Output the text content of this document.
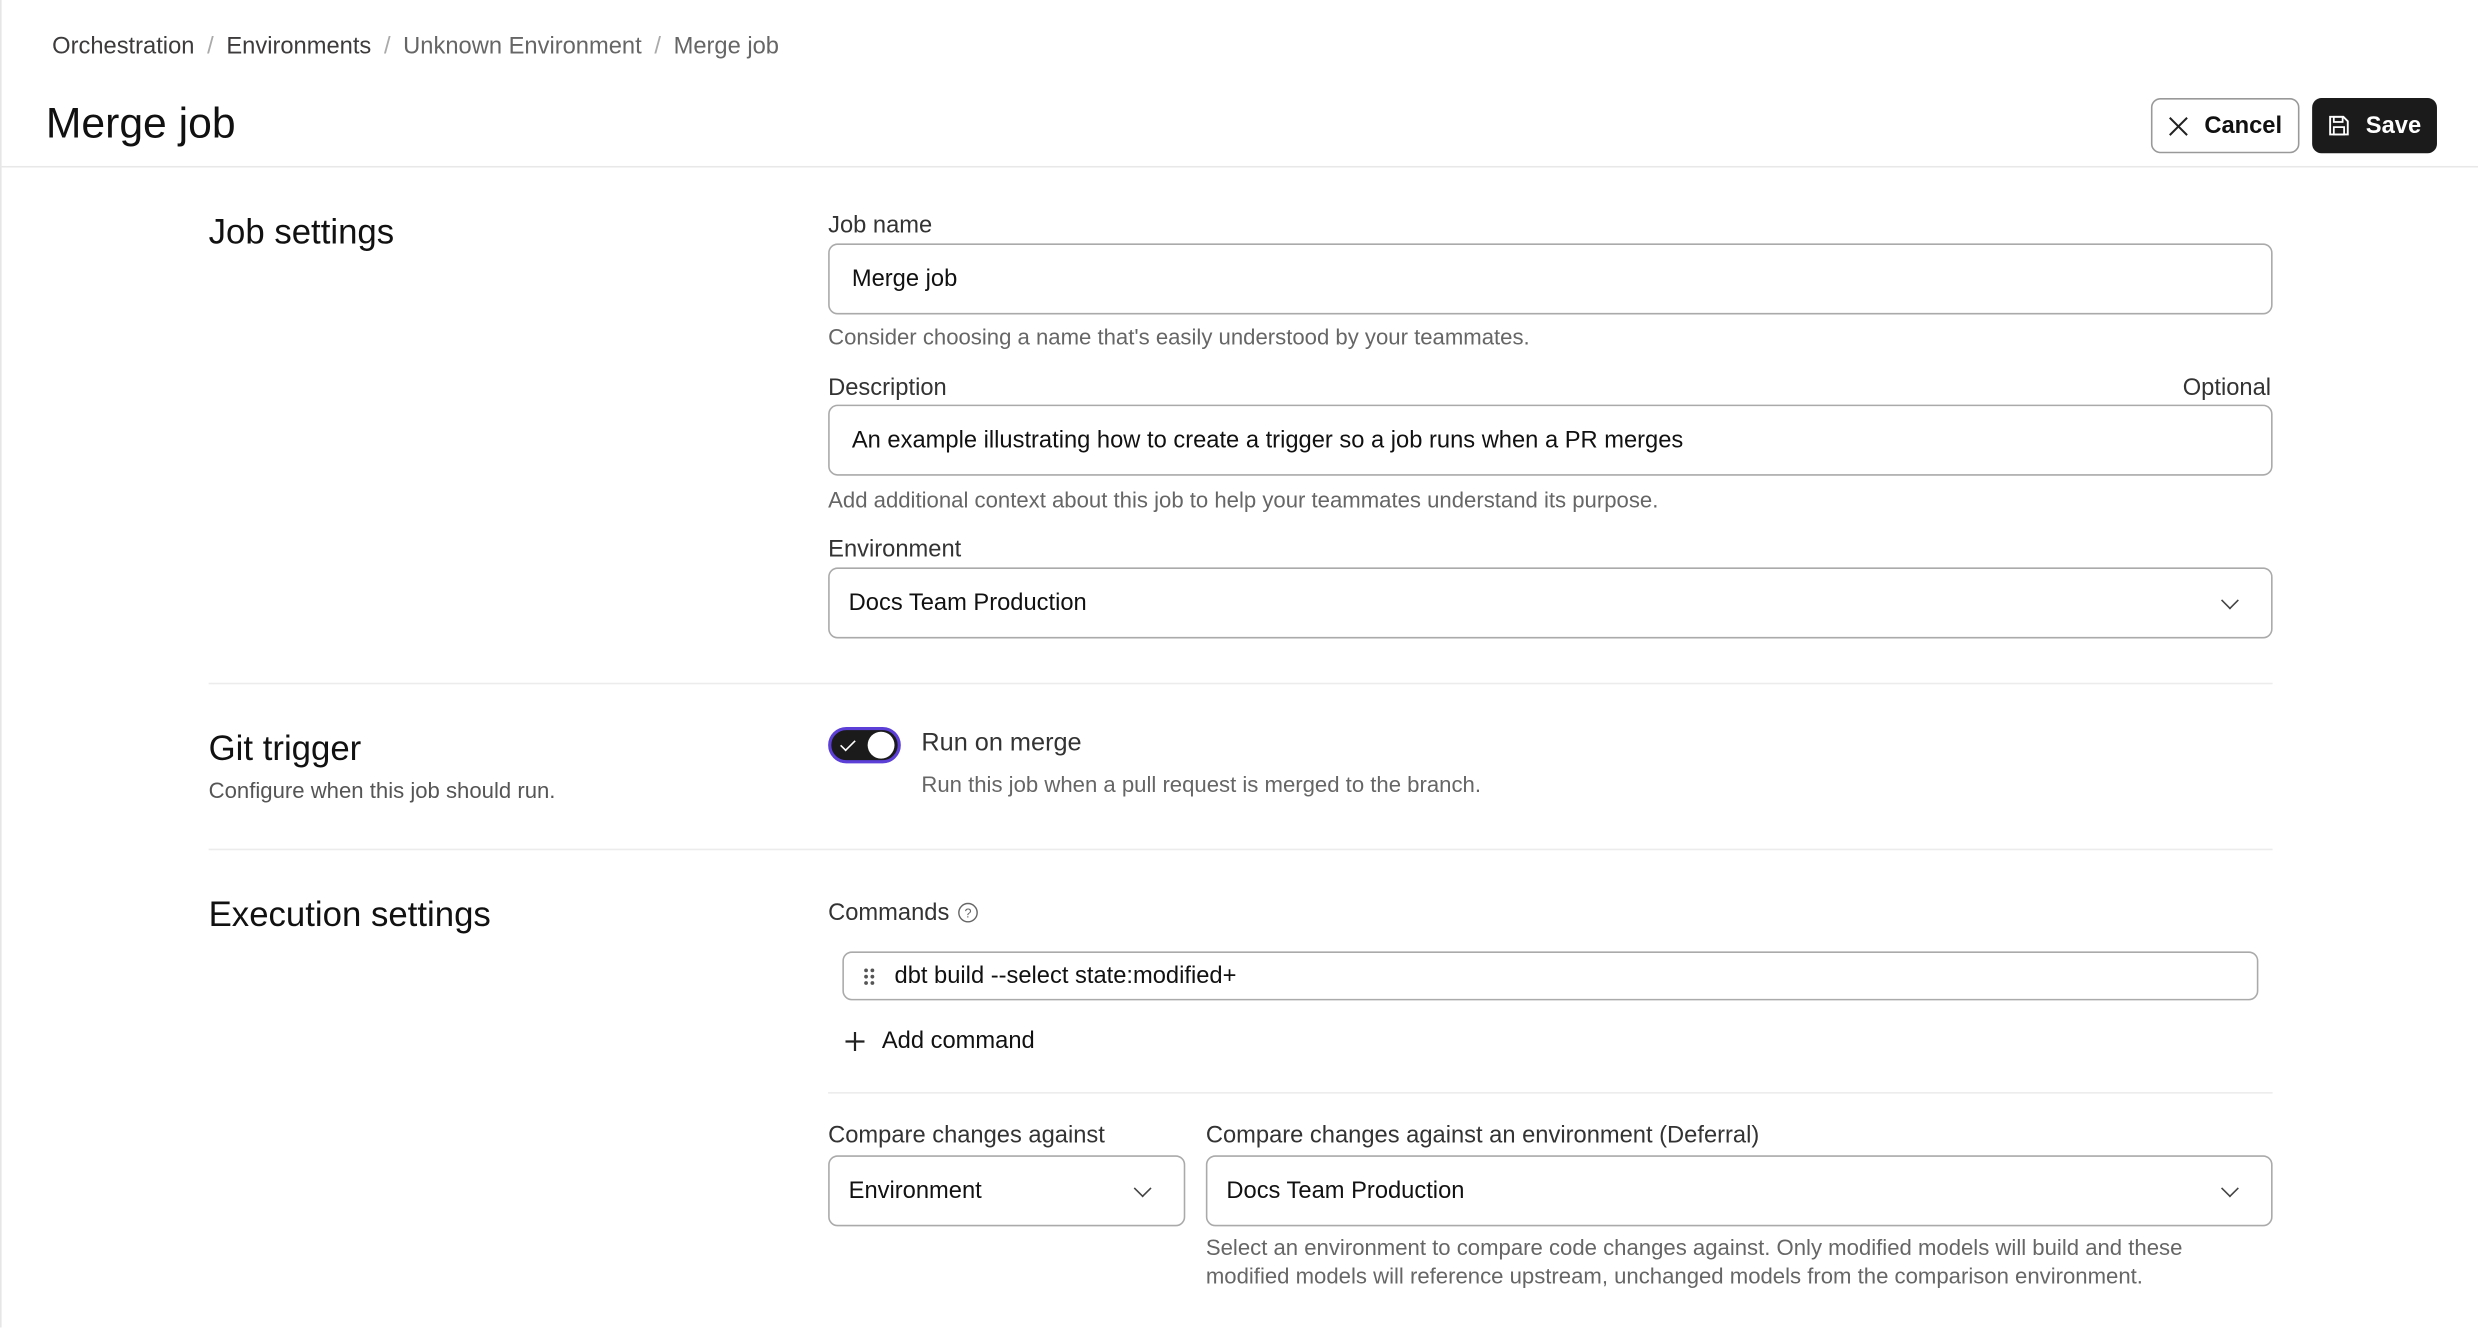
Orchestration / Environments / Unknown Environment / Merge job
Merge job	Cancel	Save
Job settings	Job name
Merge job
Consider choosing a name that's easily understood by your teammates.
Description	Optional
An example illustrating how to create a trigger so a job runs when a PR merges
Add additional context about this job to help your teammates understand its purpose.
Environment
Docs Team Production
Git trigger
Configure when this job should run.
Run on merge
Run this job when a pull request is merged to the branch.
Execution settings	Commands ?
dbt build --select state:modified+
Add command
Compare changes against
Environment
Compare changes against an environment (Deferral)
Docs Team Production
Select an environment to compare code changes against. Only modified models will build and these
modified models will reference upstream, unchanged models from the comparison environment.
